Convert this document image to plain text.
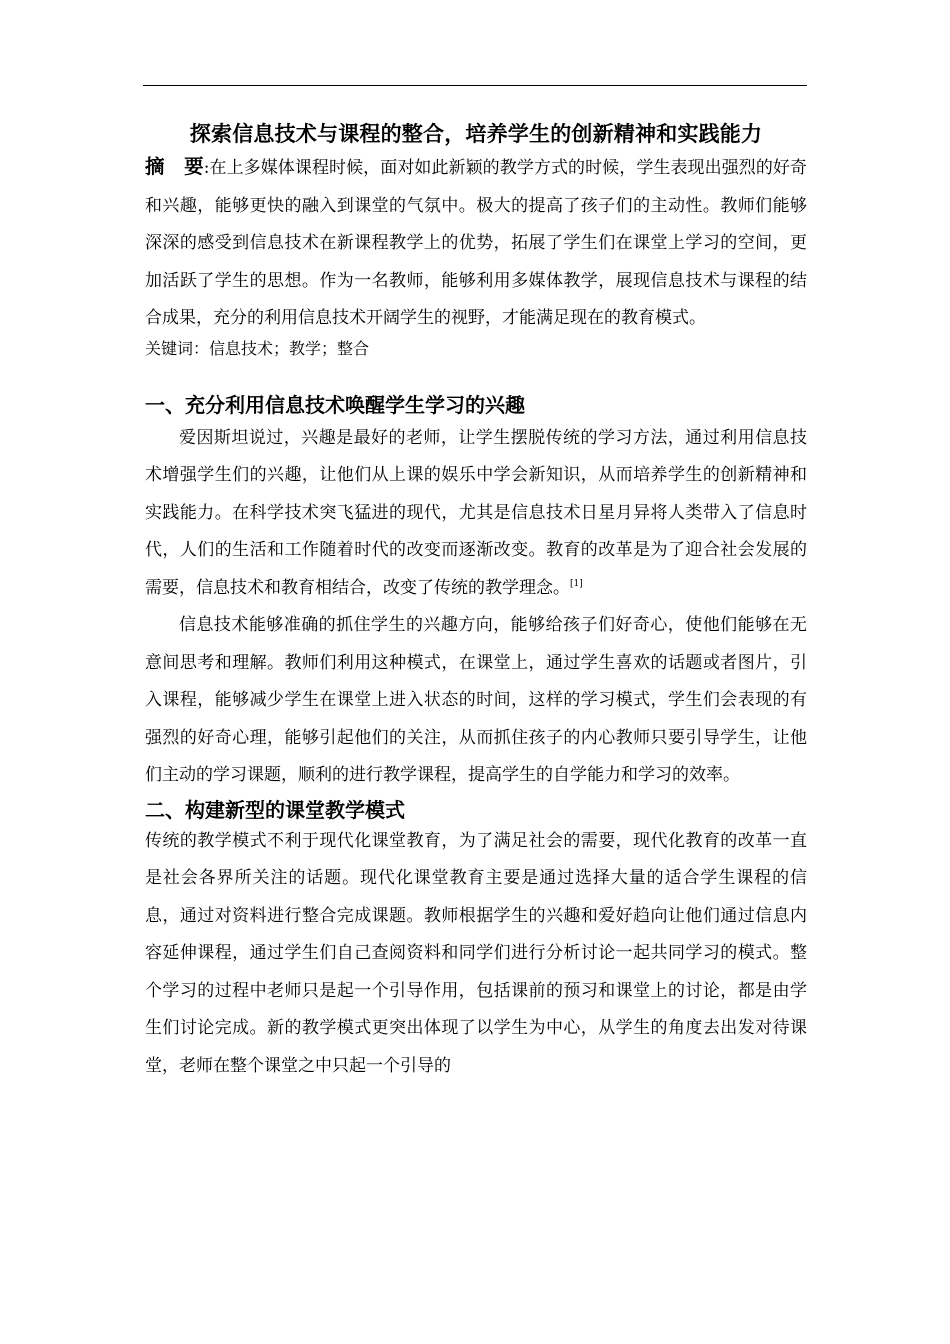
探索信息技术与课程的整合，培养学生的创新精神和实践能力

摘　要:在上多媒体课程时候，面对如此新颖的教学方式的时候，学生表现出强烈的好奇和兴趣，能够更快的融入到课堂的气氛中。极大的提高了孩子们的主动性。教师们能够深深的感受到信息技术在新课程教学上的优势，拓展了学生们在课堂上学习的空间，更加活跃了学生的思想。作为一名教师，能够利用多媒体教学，展现信息技术与课程的结合成果，充分的利用信息技术开阔学生的视野，才能满足现在的教育模式。

关键词：信息技术；教学；整合

一、充分利用信息技术唤醒学生学习的兴趣

爱因斯坦说过，兴趣是最好的老师，让学生摆脱传统的学习方法，通过利用信息技术增强学生们的兴趣，让他们从上课的娱乐中学会新知识，从而培养学生的创新精神和实践能力。在科学技术突飞猛进的现代，尤其是信息技术日星月异将人类带入了信息时代，人们的生活和工作随着时代的改变而逐渐改变。教育的改革是为了迎合社会发展的需要，信息技术和教育相结合，改变了传统的教学理念。[1]

信息技术能够准确的抓住学生的兴趣方向，能够给孩子们好奇心，使他们能够在无意间思考和理解。教师们利用这种模式，在课堂上，通过学生喜欢的话题或者图片，引入课程，能够减少学生在课堂上进入状态的时间，这样的学习模式，学生们会表现的有强烈的好奇心理，能够引起他们的关注，从而抓住孩子的内心教师只要引导学生，让他们主动的学习课题，顺利的进行教学课程，提高学生的自学能力和学习的效率。

二、构建新型的课堂教学模式

传统的教学模式不利于现代化课堂教育，为了满足社会的需要，现代化教育的改革一直是社会各界所关注的话题。现代化课堂教育主要是通过选择大量的适合学生课程的信息，通过对资料进行整合完成课题。教师根据学生的兴趣和爱好趋向让他们通过信息内容延伸课程，通过学生们自己查阅资料和同学们进行分析讨论一起共同学习的模式。整个学习的过程中老师只是起一个引导作用，包括课前的预习和课堂上的讨论，都是由学生们讨论完成。新的教学模式更突出体现了以学生为中心，从学生的角度去出发对待课堂，老师在整个课堂之中只起一个引导的
